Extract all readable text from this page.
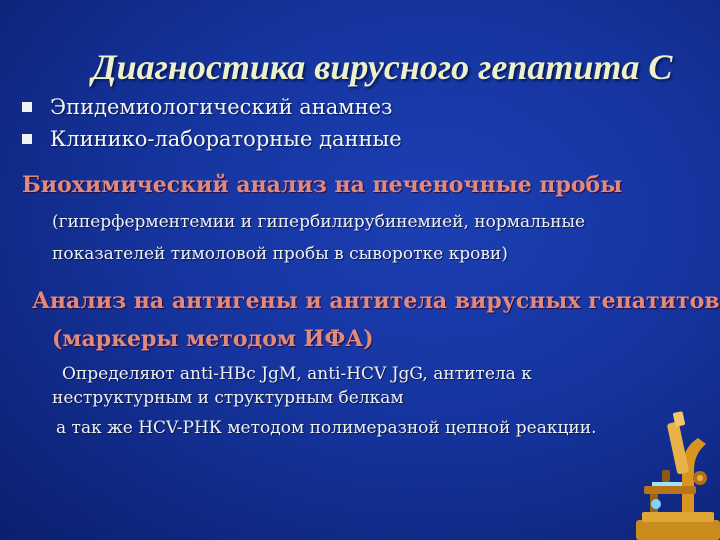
Диагностика вирусного гепатита С
Эпидемиологический анамнез
Клинико-лабораторные данные
Биохимический анализ на печеночные пробы
(гиперферментемии и гипербилирубинемией, нормальные
показателей тимоловой пробы в сыворотке крови)
Анализ на антигены и антитела вирусных гепатитов
(маркеры методом ИФА)
Определяют anti-HBc JgM, anti-HCV JgG, антитела к
неструктурным и структурным белкам
а так же HCV-РНК методом полимеразной цепной реакции.
